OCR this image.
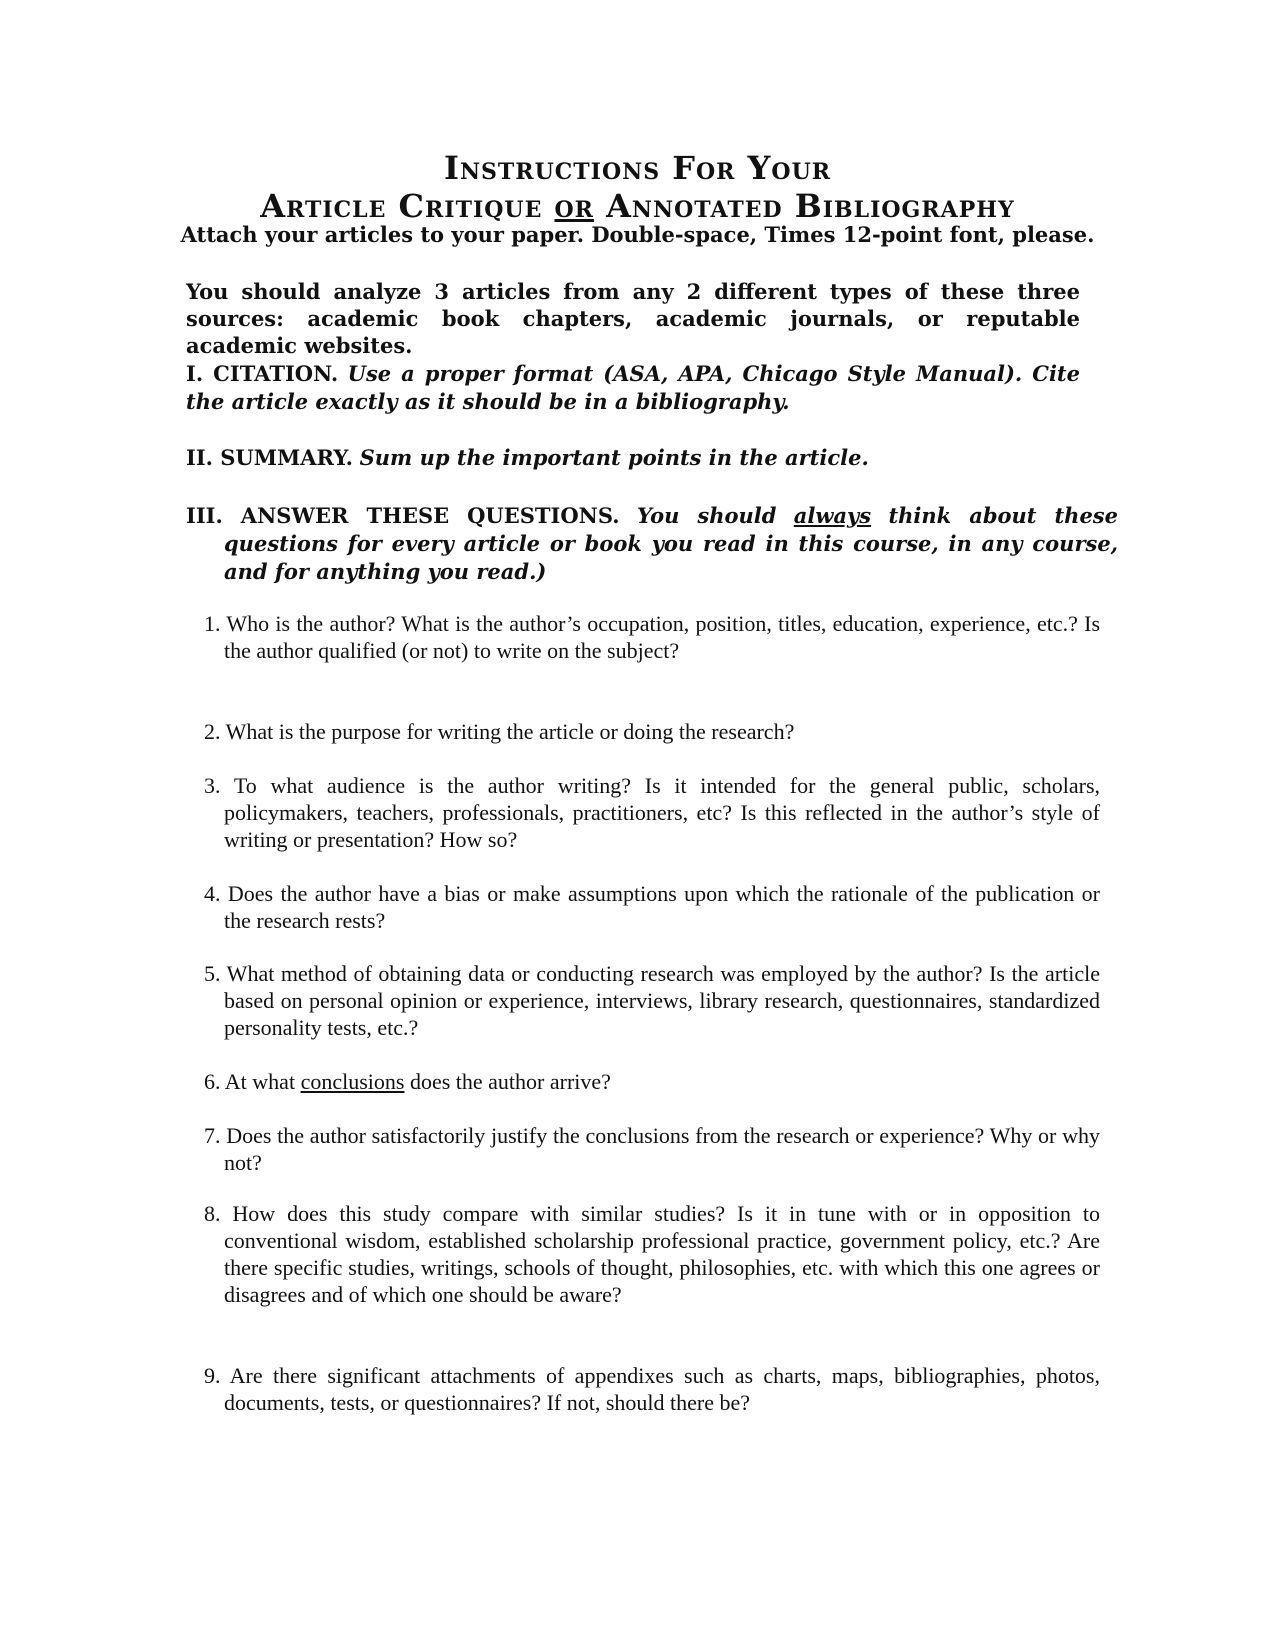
Instructions For Your
Article Critique or Annotated Bibliography
Attach your articles to your paper. Double-space, Times 12-point font, please.
You should analyze 3 articles from any 2 different types of these three sources: academic book chapters, academic journals, or reputable academic websites.
I. CITATION. Use a proper format (ASA, APA, Chicago Style Manual). Cite the article exactly as it should be in a bibliography.
II. SUMMARY. Sum up the important points in the article.
III. ANSWER THESE QUESTIONS. You should always think about these questions for every article or book you read in this course, in any course, and for anything you read.)
1. Who is the author? What is the author’s occupation, position, titles, education, experience, etc.? Is the author qualified (or not) to write on the subject?
2. What is the purpose for writing the article or doing the research?
3. To what audience is the author writing? Is it intended for the general public, scholars, policymakers, teachers, professionals, practitioners, etc? Is this reflected in the author’s style of writing or presentation? How so?
4. Does the author have a bias or make assumptions upon which the rationale of the publication or the research rests?
5. What method of obtaining data or conducting research was employed by the author? Is the article based on personal opinion or experience, interviews, library research, questionnaires, standardized personality tests, etc.?
6. At what conclusions does the author arrive?
7. Does the author satisfactorily justify the conclusions from the research or experience? Why or why not?
8. How does this study compare with similar studies? Is it in tune with or in opposition to conventional wisdom, established scholarship professional practice, government policy, etc.? Are there specific studies, writings, schools of thought, philosophies, etc. with which this one agrees or disagrees and of which one should be aware?
9. Are there significant attachments of appendixes such as charts, maps, bibliographies, photos, documents, tests, or questionnaires? If not, should there be?
